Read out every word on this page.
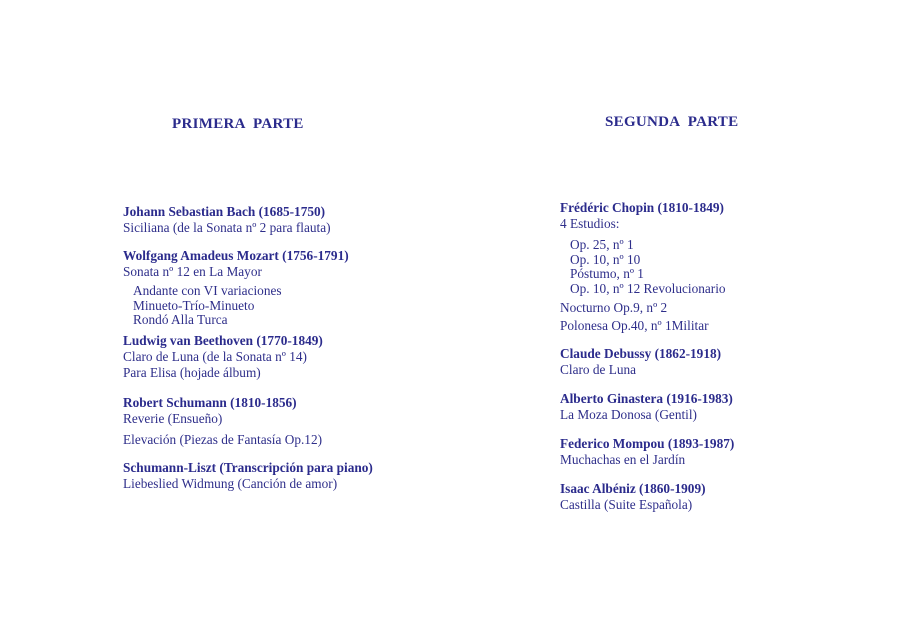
PRIMERA  PARTE	SEGUNDA  PARTE
Johann Sebastian Bach (1685-1750)
Siciliana (de la Sonata nº 2 para flauta)
Wolfgang Amadeus Mozart (1756-1791)
Sonata nº 12 en La Mayor
Andante con VI variaciones
Minueto-Trío-Minueto
Rondó Alla Turca
Ludwig van Beethoven (1770-1849)
Claro de Luna (de la Sonata nº 14)
Para Elisa (hojade álbum)
Robert Schumann (1810-1856)
Reverie (Ensueño)
Elevación (Piezas de Fantasía Op.12)
Schumann-Liszt (Transcripción para piano)
Liebeslied Widmung (Canción de amor)
Frédéric Chopin (1810-1849)
4 Estudios:
Op. 25, nº 1
Op. 10, nº 10
Póstumo, nº 1
Op. 10, nº 12 Revolucionario
Nocturno Op.9, nº 2
Polonesa Op.40, nº 1Militar
Claude Debussy (1862-1918)
Claro de Luna
Alberto Ginastera (1916-1983)
La Moza Donosa (Gentil)
Federico Mompou (1893-1987)
Muchachas en el Jardín
Isaac Albéniz (1860-1909)
Castilla (Suite Española)
